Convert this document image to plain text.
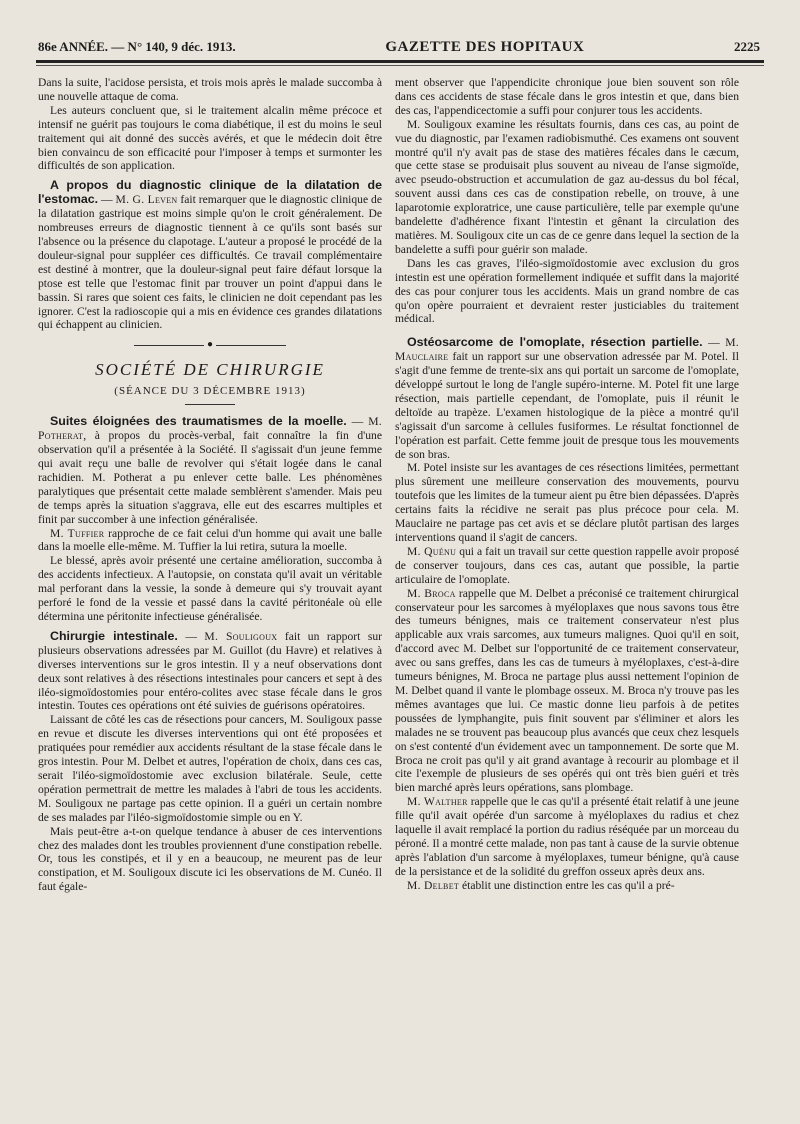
86e ANNÉE. — N° 140, 9 déc. 1913.	GAZETTE DES HOPITAUX	2225

Dans la suite, l'acidose persista, et trois mois après le malade succomba à une nouvelle attaque de coma.

Les auteurs concluent que, si le traitement alcalin même précoce et intensif ne guérit pas toujours le coma diabétique, il est du moins le seul traitement qui ait donné des succès avérés, et que le médecin doit être bien convaincu de son efficacité pour l'imposer à temps et surmonter les difficultés de son application.

A propos du diagnostic clinique de la dilatation de l'estomac. — M. G. Leven fait remarquer que le diagnostic clinique de la dilatation gastrique est moins simple qu'on le croit généralement. De nombreuses erreurs de diagnostic tiennent à ce qu'ils sont basés sur l'absence ou la présence du clapotage. L'auteur a proposé le procédé de la douleur-signal pour suppléer ces difficultés. Ce travail complémentaire est destiné à montrer, que la douleur-signal peut faire défaut lorsque la ptose est telle que l'estomac finit par trouver un point d'appui dans le bassin. Si rares que soient ces faits, le clinicien ne doit cependant pas les ignorer. C'est la radioscopie qui a mis en évidence ces grandes dilatations qui échappent au clinicien.

●
SOCIÉTÉ DE CHIRURGIE
(SÉANCE DU 3 DÉCEMBRE 1913)

Suites éloignées des traumatismes de la moelle. — M. Potherat, à propos du procès-verbal, fait connaître la fin d'une observation qu'il a présentée à la Société. Il s'agissait d'un jeune femme qui avait reçu une balle de revolver qui s'était logée dans le canal rachidien. M. Potherat a pu enlever cette balle. Les phénomènes paralytiques que présentait cette malade semblèrent s'amender. Mais peu de temps après la situation s'aggrava, elle eut des escarres multiples et finit par succomber à une infection généralisée.

M. Tuffier rapproche de ce fait celui d'un homme qui avait une balle dans la moelle elle-même. M. Tuffier la lui retira, sutura la moelle.

Le blessé, après avoir présenté une certaine amélioration, succomba à des accidents infectieux. A l'autopsie, on constata qu'il avait un véritable mal perforant dans la vessie, la sonde à demeure qui s'y trouvait ayant perforé le fond de la vessie et passé dans la cavité péritonéale où elle détermina une péritonite infectieuse généralisée.

Chirurgie intestinale. — M. Souligoux fait un rapport sur plusieurs observations adressées par M. Guillot (du Havre) et relatives à diverses interventions sur le gros intestin. Il y a neuf observations dont deux sont relatives à des résections intestinales pour cancers et sept à des iléo-sigmoïdostomies pour entéro-colites avec stase fécale dans le gros intestin. Toutes ces opérations ont été suivies de guérisons opératoires.

Laissant de côté les cas de résections pour cancers, M. Souligoux passe en revue et discute les diverses interventions qui ont été proposées et pratiquées pour remédier aux accidents résultant de la stase fécale dans le gros intestin. Pour M. Delbet et autres, l'opération de choix, dans ces cas, serait l'iléo-sigmoïdostomie avec exclusion bilatérale. Seule, cette opération permettrait de mettre les malades à l'abri de tous les accidents. M. Souligoux ne partage pas cette opinion. Il a guéri un certain nombre de ses malades par l'iléo-sigmoïdostomie simple ou en Y.

Mais peut-être a-t-on quelque tendance à abuser de ces interventions chez des malades dont les troubles proviennent d'une constipation rebelle. Or, tous les constipés, et il y en a beaucoup, ne meurent pas de leur constipation, et M. Souligoux discute ici les observations de M. Cunéo. Il faut égale-

ment observer que l'appendicite chronique joue bien souvent son rôle dans ces accidents de stase fécale dans le gros intestin et que, dans bien des cas, l'appendicectomie a suffi pour conjurer tous les accidents.

M. Souligoux examine les résultats fournis, dans ces cas, au point de vue du diagnostic, par l'examen radiobismuthé. Ces examens ont souvent montré qu'il n'y avait pas de stase des matières fécales dans le cæcum, que cette stase se produisait plus souvent au niveau de l'anse sigmoïde, avec pseudo-obstruction et accumulation de gaz au-dessus du bol fécal, souvent aussi dans ces cas de constipation rebelle, on trouve, à une laparotomie exploratrice, une cause particulière, telle par exemple qu'une bandelette d'adhérence fixant l'intestin et gênant la circulation des matières. M. Souligoux cite un cas de ce genre dans lequel la section de la bandelette a suffi pour guérir son malade.

Dans les cas graves, l'iléo-sigmoïdostomie avec exclusion du gros intestin est une opération formellement indiquée et suffit dans la majorité des cas pour conjurer tous les accidents. Mais un grand nombre de cas qu'on opère pourraient et devraient rester justiciables du traitement médical.

Ostéosarcome de l'omoplate, résection partielle. — M. Mauclaire fait un rapport sur une observation adressée par M. Potel. Il s'agit d'une femme de trente-six ans qui portait un sarcome de l'omoplate, développé surtout le long de l'angle supéro-interne. M. Potel fit une large résection, mais partielle cependant, de l'omoplate, puis il réunit le deltoïde au trapèze. L'examen histologique de la pièce a montré qu'il s'agissait d'un sarcome à cellules fusiformes. Le résultat fonctionnel de l'opération est parfait. Cette femme jouit de presque tous les mouvements de son bras.

M. Potel insiste sur les avantages de ces résections limitées, permettant plus sûrement une meilleure conservation des mouvements, pourvu toutefois que les limites de la tumeur aient pu être bien dépassées. D'après certains faits la récidive ne serait pas plus précoce pour cela. M. Mauclaire ne partage pas cet avis et se déclare plutôt partisan des larges interventions quand il s'agit de cancers.

M. Quénu qui a fait un travail sur cette question rappelle avoir proposé de conserver toujours, dans ces cas, autant que possible, la partie articulaire de l'omoplate.

M. Broca rappelle que M. Delbet a préconisé ce traitement chirurgical conservateur pour les sarcomes à myéloplaxes que nous savons tous être des tumeurs bénignes, mais ce traitement conservateur n'est plus applicable aux vrais sarcomes, aux tumeurs malignes. Quoi qu'il en soit, d'accord avec M. Delbet sur l'opportunité de ce traitement conservateur, avec ou sans greffes, dans les cas de tumeurs à myéloplaxes, c'est-à-dire tumeurs bénignes, M. Broca ne partage plus aussi nettement l'opinion de M. Delbet quand il vante le plombage osseux. M. Broca n'y trouve pas les mêmes avantages que lui. Ce mastic donne lieu parfois à de petites poussées de lymphangite, puis finit souvent par s'éliminer et alors les malades ne se trouvent pas beaucoup plus avancés que ceux chez lesquels on s'est contenté d'un évidement avec un tamponnement. De sorte que M. Broca ne croit pas qu'il y ait grand avantage à recourir au plombage et il cite l'exemple de plusieurs de ses opérés qui ont très bien guéri et très bien marché après leurs opérations, sans plombage.

M. Walther rappelle que le cas qu'il a présenté était relatif à une jeune fille qu'il avait opérée d'un sarcome à myéloplaxes du radius et chez laquelle il avait remplacé la portion du radius réséquée par un morceau du péroné. Il a montré cette malade, non pas tant à cause de la survie obtenue après l'ablation d'un sarcome à myéloplaxes, tumeur bénigne, qu'à cause de la persistance et de la solidité du greffon osseux après deux ans.

M. Delbet établit une distinction entre les cas qu'il a pré-
